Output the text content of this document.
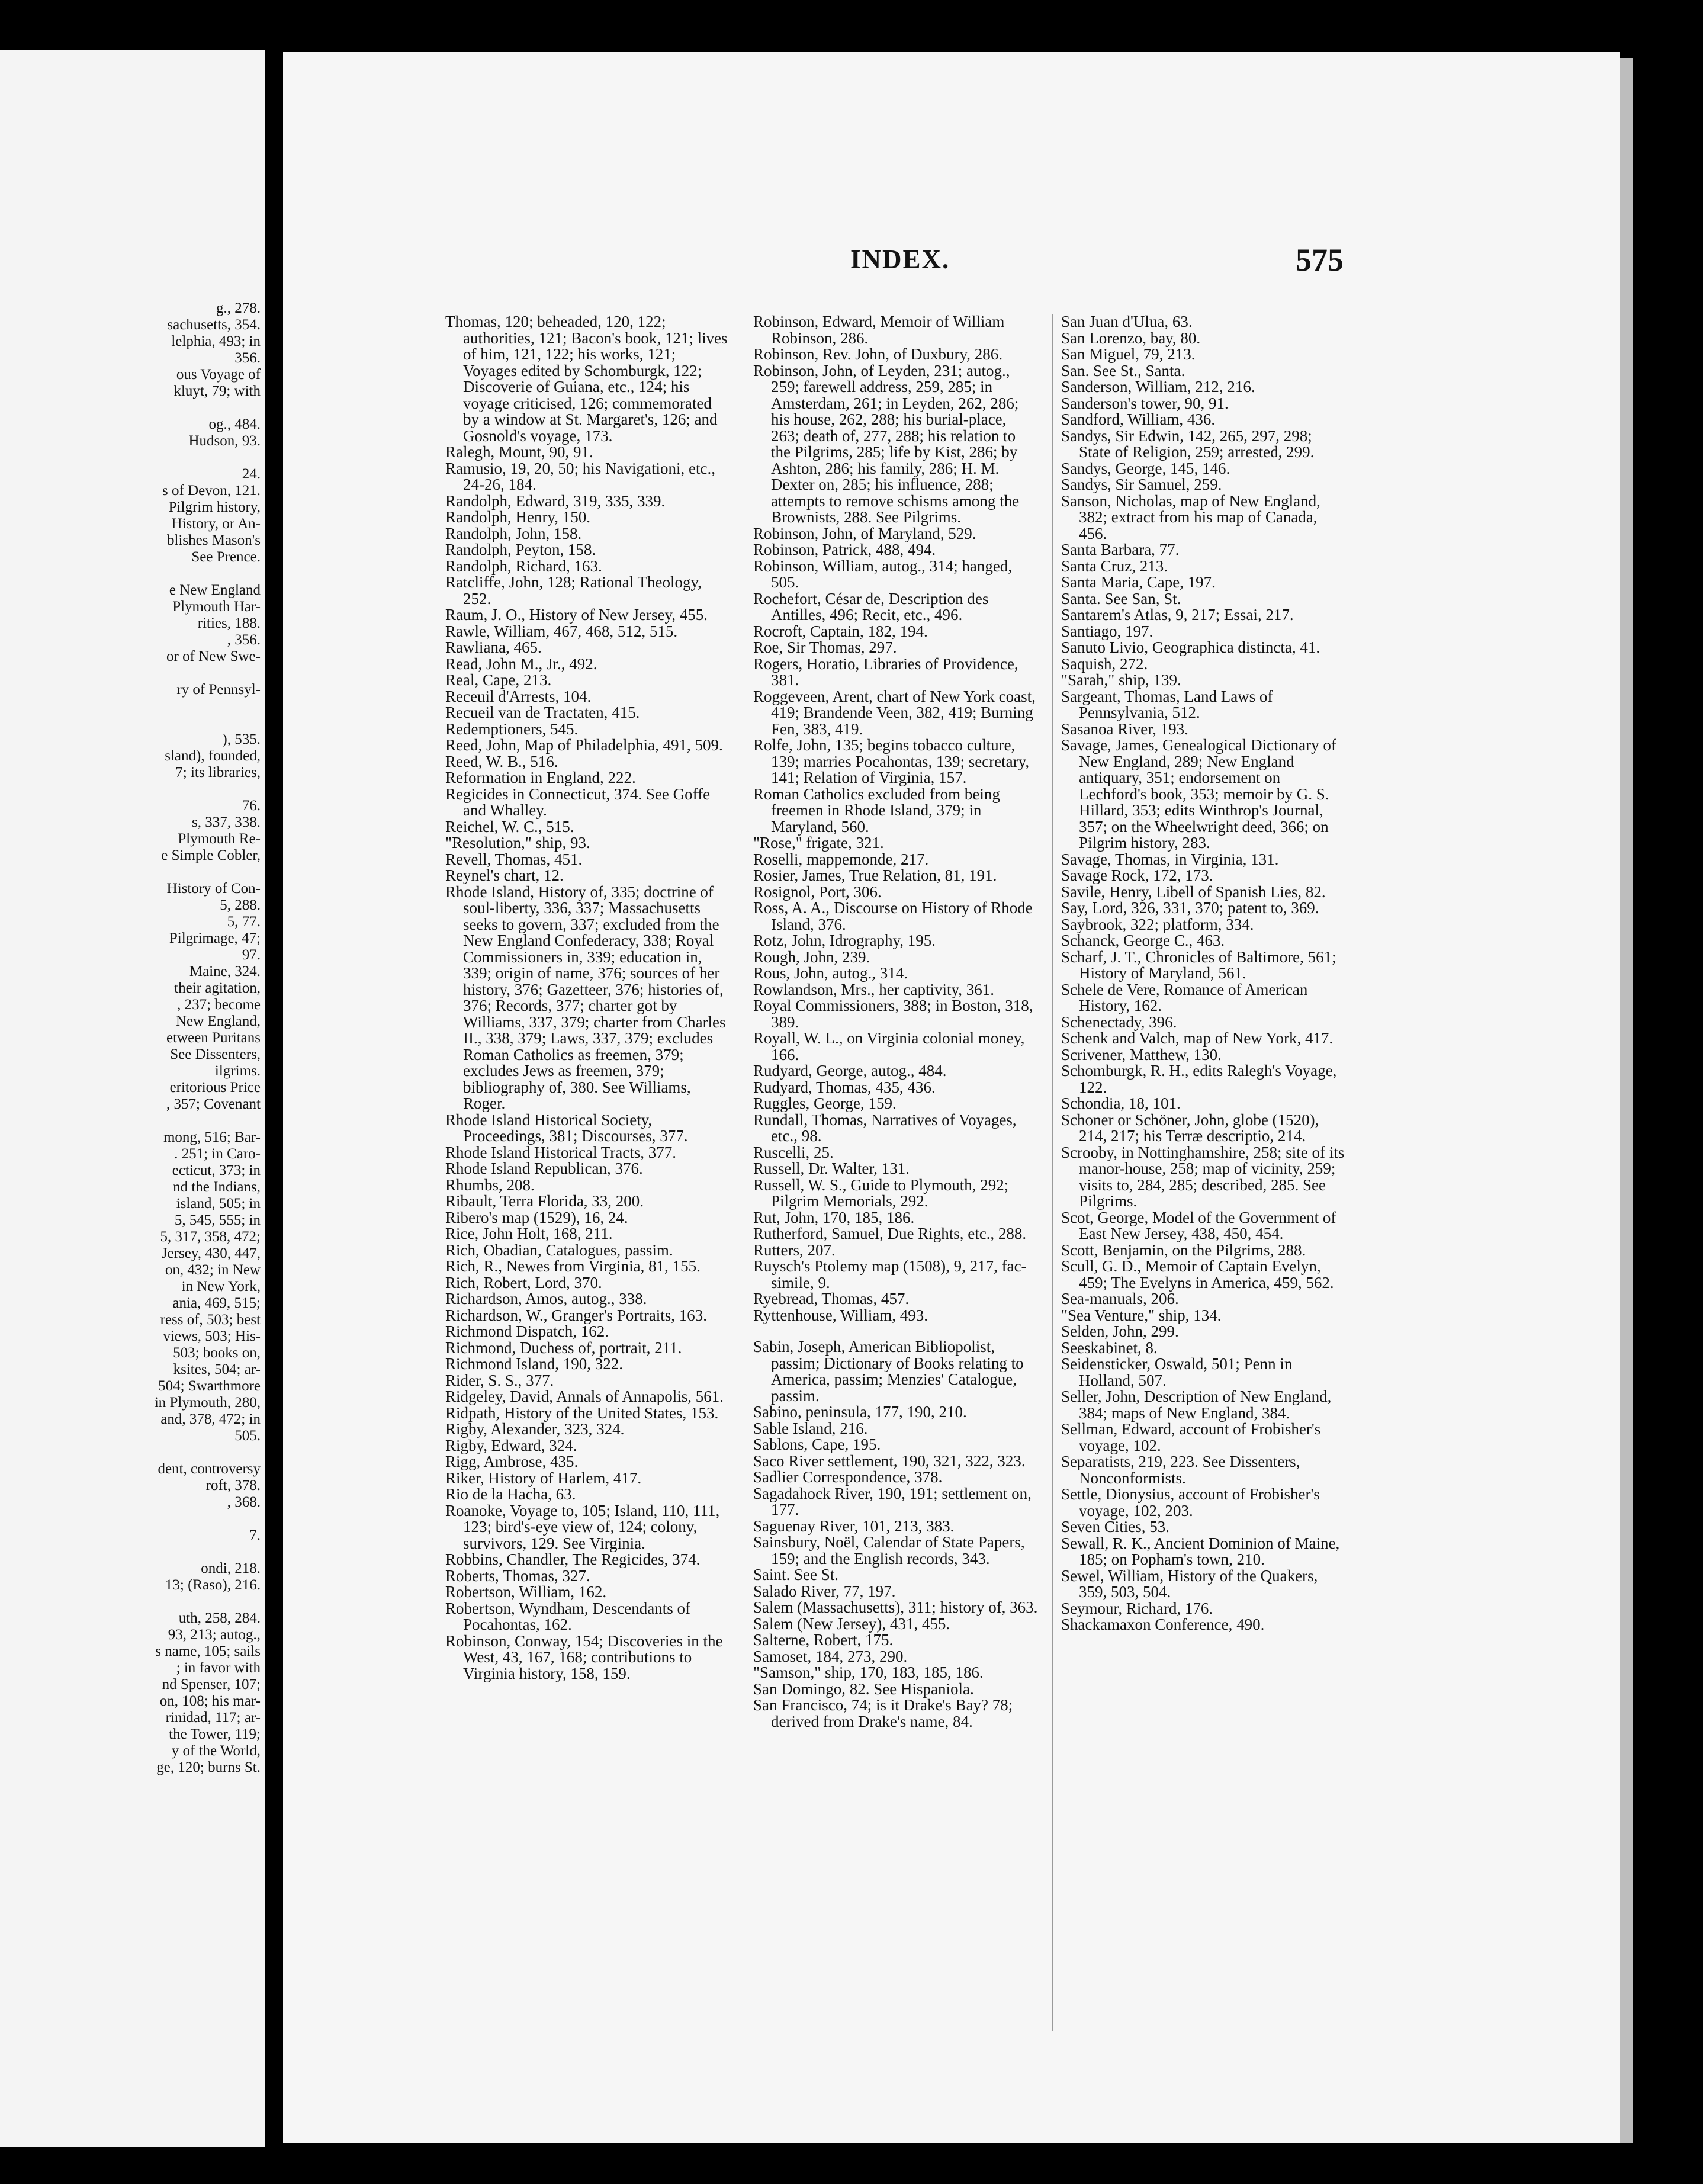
g., 278.
sachusetts, 354.
lelphia, 493; in
356.
ous Voyage of
kluyt, 79; with
og., 484.
Hudson, 93.
24.
s of Devon, 121.
Pilgrim history,
History, or An-
blishes Mason's
See Prence.
e New England
Plymouth Har-
rities, 188.
, 356.
or of New Swe-
ry of Pennsyl-
), 535.
sland), founded,
7; its libraries,
76.
s, 337, 338.
Plymouth Re-
e Simple Cobler,
History of Con-
5, 288.
5, 77.
Pilgrimage, 47;
97.
Maine, 324.
their agitation,
, 237; become
New England,
etween Puritans
See Dissenters,
ilgrims.
eritorious Price
, 357; Covenant
mong, 516; Bar-
. 251; in Caro-
ecticut, 373; in
nd the Indians,
island, 505; in
5, 545, 555; in
5, 317, 358, 472;
Jersey, 430, 447,
on, 432; in New
in New York,
ania, 469, 515;
ress of, 503; best
views, 503; His-
503; books on,
ksites, 504; ar-
504; Swarthmore
in Plymouth, 280,
and, 378, 472; in
505.
dent, controversy
roft, 378.
, 368.
7.
ondi, 218.
13; (Raso), 216.
uth, 258, 284.
93, 213; autog.,
s name, 105; sails
; in favor with
nd Spenser, 107;
on, 108; his mar-
rinidad, 117; ar-
the Tower, 119;
y of the World,
ge, 120; burns St.
INDEX.	575
Thomas, 120; beheaded, 120, 122; authorities, 121; Bacon's book, 121; lives of him, 121, 122; his works, 121; Voyages edited by Schomburgk, 122; Discoverie of Guiana, etc., 124; his voyage criticised, 126; commemorated by a window at St. Margaret's, 126; and Gosnold's voyage, 173.
Ralegh, Mount, 90, 91.
Ramusio, 19, 20, 50; his Navigationi, etc., 24-26, 184.
Randolph, Edward, 319, 335, 339.
Randolph, Henry, 150.
Randolph, John, 158.
Randolph, Peyton, 158.
Randolph, Richard, 163.
Ratcliffe, John, 128; Rational Theology, 252.
Raum, J. O., History of New Jersey, 455.
Rawle, William, 467, 468, 512, 515.
Rawliana, 465.
Read, John M., Jr., 492.
Real, Cape, 213.
Receuil d'Arrests, 104.
Recueil van de Tractaten, 415.
Redemptioners, 545.
Reed, John, Map of Philadelphia, 491, 509.
Reed, W. B., 516.
Reformation in England, 222.
Regicides in Connecticut, 374. See Goffe and Whalley.
Reichel, W. C., 515.
"Resolution," ship, 93.
Revell, Thomas, 451.
Reynel's chart, 12.
Rhode Island, History of, 335; doctrine of soul-liberty, 336, 337; Massachusetts seeks to govern, 337; excluded from the New England Confederacy, 338; Royal Commissioners in, 339; education in, 339; origin of name, 376; sources of her history, 376; Gazetteer, 376; histories of, 376; Records, 377; charter got by Williams, 337, 379; charter from Charles II., 338, 379; Laws, 337, 379; excludes Roman Catholics as freemen, 379; excludes Jews as freemen, 379; bibliography of, 380. See Williams, Roger.
Rhode Island Historical Society, Proceedings, 381; Discourses, 377.
Rhode Island Historical Tracts, 377.
Rhode Island Republican, 376.
Rhumbs, 208.
Ribault, Terra Florida, 33, 200.
Ribero's map (1529), 16, 24.
Rice, John Holt, 168, 211.
Rich, Obadian, Catalogues, passim.
Rich, R., Newes from Virginia, 81, 155.
Rich, Robert, Lord, 370.
Richardson, Amos, autog., 338.
Richardson, W., Granger's Portraits, 163.
Richmond Dispatch, 162.
Richmond, Duchess of, portrait, 211.
Richmond Island, 190, 322.
Rider, S. S., 377.
Ridgeley, David, Annals of Annapolis, 561.
Ridpath, History of the United States, 153.
Rigby, Alexander, 323, 324.
Rigby, Edward, 324.
Rigg, Ambrose, 435.
Riker, History of Harlem, 417.
Rio de la Hacha, 63.
Roanoke, Voyage to, 105; Island, 110, 111, 123; bird's-eye view of, 124; colony, survivors, 129. See Virginia.
Robbins, Chandler, The Regicides, 374.
Roberts, Thomas, 327.
Robertson, William, 162.
Robertson, Wyndham, Descendants of Pocahontas, 162.
Robinson, Conway, 154; Discoveries in the West, 43, 167, 168; contributions to Virginia history, 158, 159.
Robinson, Edward, Memoir of William Robinson, 286.
Robinson, Rev. John, of Duxbury, 286.
Robinson, John, of Leyden, 231; autog., 259; farewell address, 259, 285; in Amsterdam, 261; in Leyden, 262, 286; his house, 262, 288; his burial-place, 263; death of, 277, 288; his relation to the Pilgrims, 285; life by Kist, 286; by Ashton, 286; his family, 286; H. M. Dexter on, 285; his influence, 288; attempts to remove schisms among the Brownists, 288. See Pilgrims.
Robinson, John, of Maryland, 529.
Robinson, Patrick, 488, 494.
Robinson, William, autog., 314; hanged, 505.
Rochefort, César de, Description des Antilles, 496; Recit, etc., 496.
Rocroft, Captain, 182, 194.
Roe, Sir Thomas, 297.
Rogers, Horatio, Libraries of Providence, 381.
Roggeveen, Arent, chart of New York coast, 419; Brandende Veen, 382, 419; Burning Fen, 383, 419.
Rolfe, John, 135; begins tobacco culture, 139; marries Pocahontas, 139; secretary, 141; Relation of Virginia, 157.
Roman Catholics excluded from being freemen in Rhode Island, 379; in Maryland, 560.
"Rose," frigate, 321.
Roselli, mappemonde, 217.
Rosier, James, True Relation, 81, 191.
Rosignol, Port, 306.
Ross, A. A., Discourse on History of Rhode Island, 376.
Rotz, John, Idrography, 195.
Rough, John, 239.
Rous, John, autog., 314.
Rowlandson, Mrs., her captivity, 361.
Royal Commissioners, 388; in Boston, 318, 389.
Royall, W. L., on Virginia colonial money, 166.
Rudyard, George, autog., 484.
Rudyard, Thomas, 435, 436.
Ruggles, George, 159.
Rundall, Thomas, Narratives of Voyages, etc., 98.
Ruscelli, 25.
Russell, Dr. Walter, 131.
Russell, W. S., Guide to Plymouth, 292; Pilgrim Memorials, 292.
Rut, John, 170, 185, 186.
Rutherford, Samuel, Due Rights, etc., 288.
Rutters, 207.
Ruysch's Ptolemy map (1508), 9, 217, fac-simile, 9.
Ryebread, Thomas, 457.
Ryttenhouse, William, 493.
Sabin, Joseph, American Bibliopolist, passim; Dictionary of Books relating to America, passim; Menzies' Catalogue, passim.
Sabino, peninsula, 177, 190, 210.
Sable Island, 216.
Sablons, Cape, 195.
Saco River settlement, 190, 321, 322, 323.
Sadlier Correspondence, 378.
Sagadahock River, 190, 191; settlement on, 177.
Saguenay River, 101, 213, 383.
Sainsbury, Noël, Calendar of State Papers, 159; and the English records, 343.
Saint. See St.
Salado River, 77, 197.
Salem (Massachusetts), 311; history of, 363.
Salem (New Jersey), 431, 455.
Salterne, Robert, 175.
Samoset, 184, 273, 290.
"Samson," ship, 170, 183, 185, 186.
San Domingo, 82. See Hispaniola.
San Francisco, 74; is it Drake's Bay? 78; derived from Drake's name, 84.
San Juan d'Ulua, 63.
San Lorenzo, bay, 80.
San Miguel, 79, 213.
San. See St., Santa.
Sanderson, William, 212, 216.
Sanderson's tower, 90, 91.
Sandford, William, 436.
Sandys, Sir Edwin, 142, 265, 297, 298; State of Religion, 259; arrested, 299.
Sandys, George, 145, 146.
Sandys, Sir Samuel, 259.
Sanson, Nicholas, map of New England, 382; extract from his map of Canada, 456.
Santa Barbara, 77.
Santa Cruz, 213.
Santa Maria, Cape, 197.
Santa. See San, St.
Santarem's Atlas, 9, 217; Essai, 217.
Santiago, 197.
Sanuto Livio, Geographica distincta, 41.
Saquish, 272.
"Sarah," ship, 139.
Sargeant, Thomas, Land Laws of Pennsylvania, 512.
Sasanoa River, 193.
Savage, James, Genealogical Dictionary of New England, 289; New England antiquary, 351; endorsement on Lechford's book, 353; memoir by G. S. Hillard, 353; edits Winthrop's Journal, 357; on the Wheelwright deed, 366; on Pilgrim history, 283.
Savage, Thomas, in Virginia, 131.
Savage Rock, 172, 173.
Savile, Henry, Libell of Spanish Lies, 82.
Say, Lord, 326, 331, 370; patent to, 369.
Saybrook, 322; platform, 334.
Schanck, George C., 463.
Scharf, J. T., Chronicles of Baltimore, 561; History of Maryland, 561.
Schele de Vere, Romance of American History, 162.
Schenectady, 396.
Schenk and Valch, map of New York, 417.
Scrivener, Matthew, 130.
Schomburgk, R. H., edits Ralegh's Voyage, 122.
Schondia, 18, 101.
Schoner or Schöner, John, globe (1520), 214, 217; his Terræ descriptio, 214.
Scrooby, in Nottinghamshire, 258; site of its manor-house, 258; map of vicinity, 259; visits to, 284, 285; described, 285. See Pilgrims.
Scot, George, Model of the Government of East New Jersey, 438, 450, 454.
Scott, Benjamin, on the Pilgrims, 288.
Scull, G. D., Memoir of Captain Evelyn, 459; The Evelyns in America, 459, 562.
Sea-manuals, 206.
"Sea Venture," ship, 134.
Selden, John, 299.
Seeskabinet, 8.
Seidensticker, Oswald, 501; Penn in Holland, 507.
Seller, John, Description of New England, 384; maps of New England, 384.
Sellman, Edward, account of Frobisher's voyage, 102.
Separatists, 219, 223. See Dissenters, Nonconformists.
Settle, Dionysius, account of Frobisher's voyage, 102, 203.
Seven Cities, 53.
Sewall, R. K., Ancient Dominion of Maine, 185; on Popham's town, 210.
Sewel, William, History of the Quakers, 359, 503, 504.
Seymour, Richard, 176.
Shackamaxon Conference, 490.
